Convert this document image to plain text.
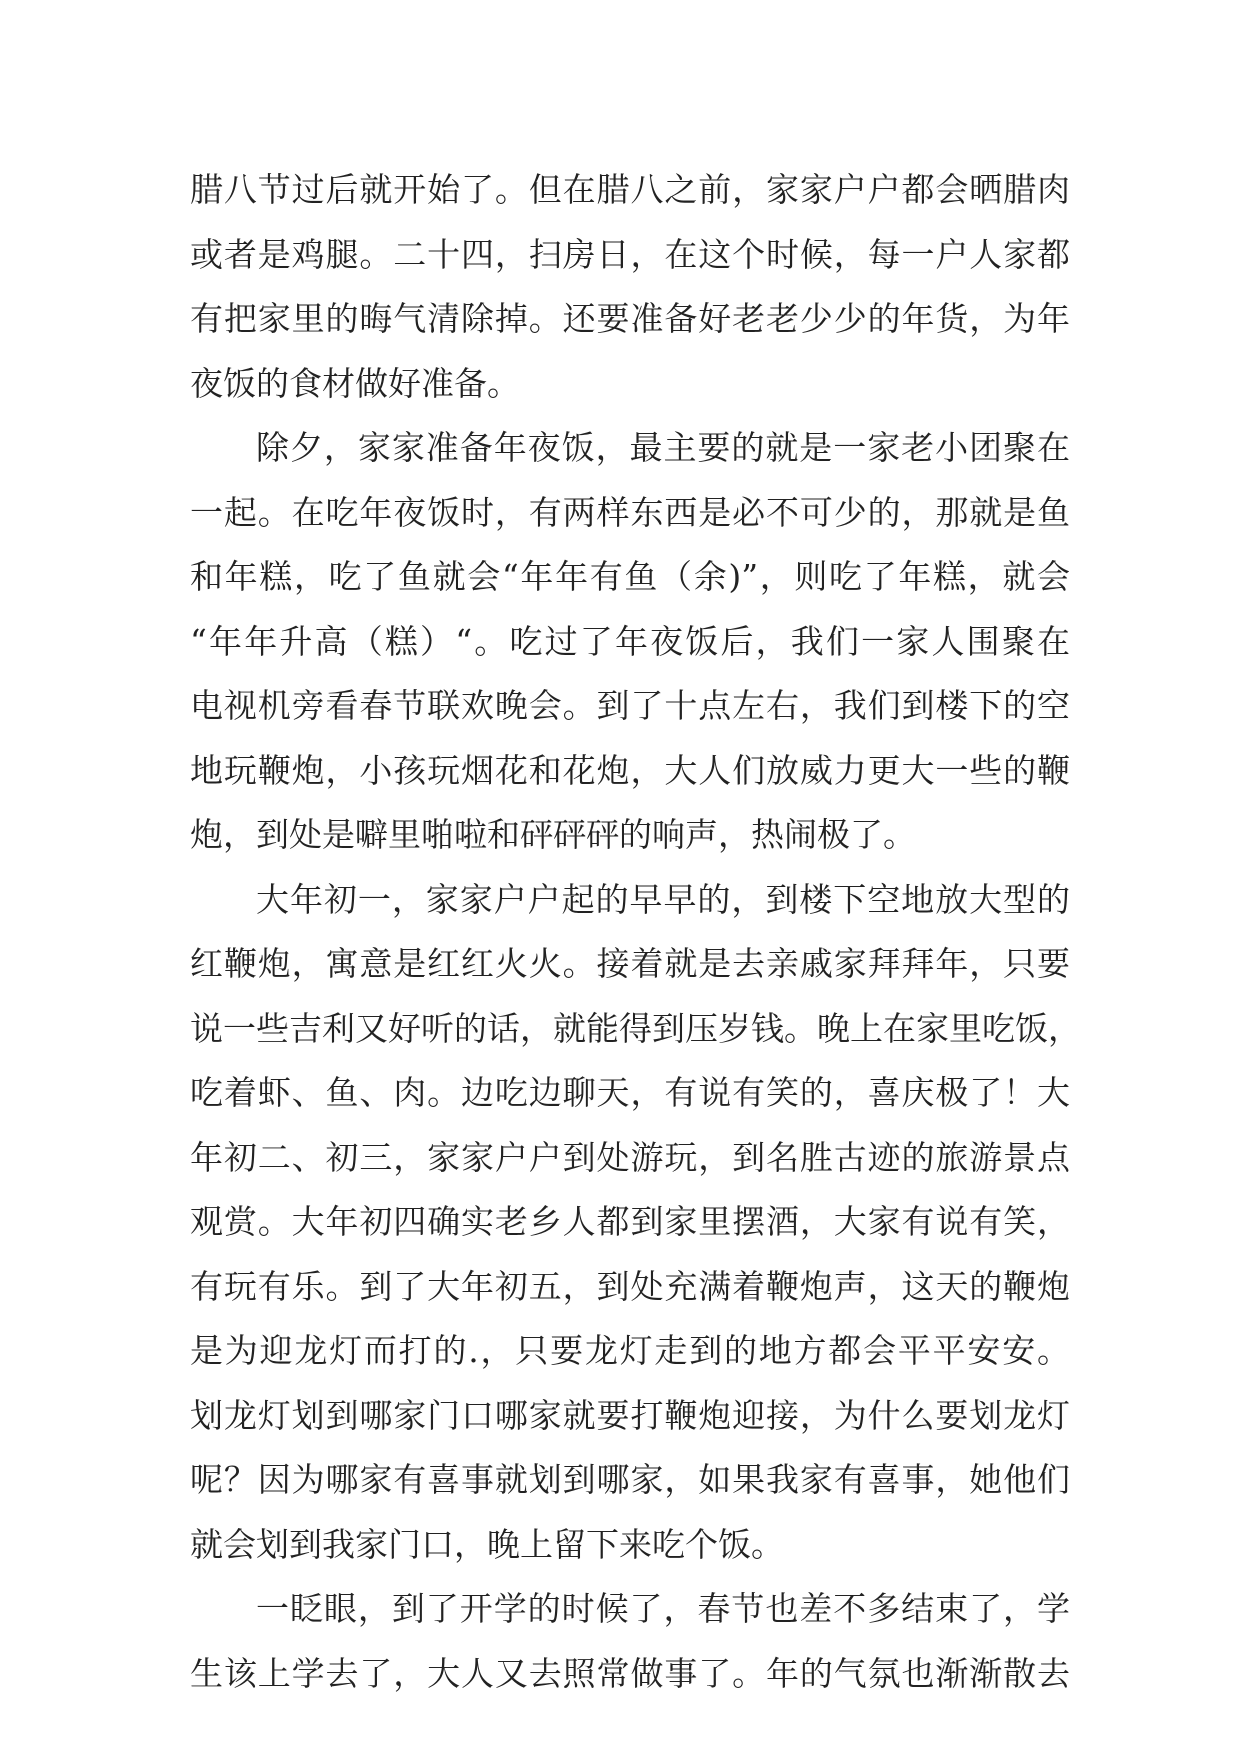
腊八节过后就开始了。但在腊八之前，家家户户都会晒腊肉
或者是鸡腿。二十四，扫房日，在这个时候，每一户人家都
有把家里的晦气清除掉。还要准备好老老少少的年货，为年
夜饭的食材做好准备。
除夕，家家准备年夜饭，最主要的就是一家老小团聚在
一起。在吃年夜饭时，有两样东西是必不可少的，那就是鱼
和年糕，吃了鱼就会“年年有鱼（余)”，则吃了年糕，就会
“年年升高（糕）“。吃过了年夜饭后，我们一家人围聚在
电视机旁看春节联欢晚会。到了十点左右，我们到楼下的空
地玩鞭炮，小孩玩烟花和花炮，大人们放威力更大一些的鞭
炮，到处是噼里啪啦和砰砰砰的响声，热闹极了。
大年初一，家家户户起的早早的，到楼下空地放大型的
红鞭炮，寓意是红红火火。接着就是去亲戚家拜拜年，只要
说一些吉利又好听的话，就能得到压岁钱。晚上在家里吃饭，
吃着虾、鱼、肉。边吃边聊天，有说有笑的，喜庆极了！大
年初二、初三，家家户户到处游玩，到名胜古迹的旅游景点
观赏。大年初四确实老乡人都到家里摆酒，大家有说有笑，
有玩有乐。到了大年初五，到处充满着鞭炮声，这天的鞭炮
是为迎龙灯而打的.，只要龙灯走到的地方都会平平安安。
划龙灯划到哪家门口哪家就要打鞭炮迎接，为什么要划龙灯
呢？因为哪家有喜事就划到哪家，如果我家有喜事，她他们
就会划到我家门口，晚上留下来吃个饭。
一眨眼，到了开学的时候了，春节也差不多结束了，学
生该上学去了，大人又去照常做事了。年的气氛也渐渐散去
